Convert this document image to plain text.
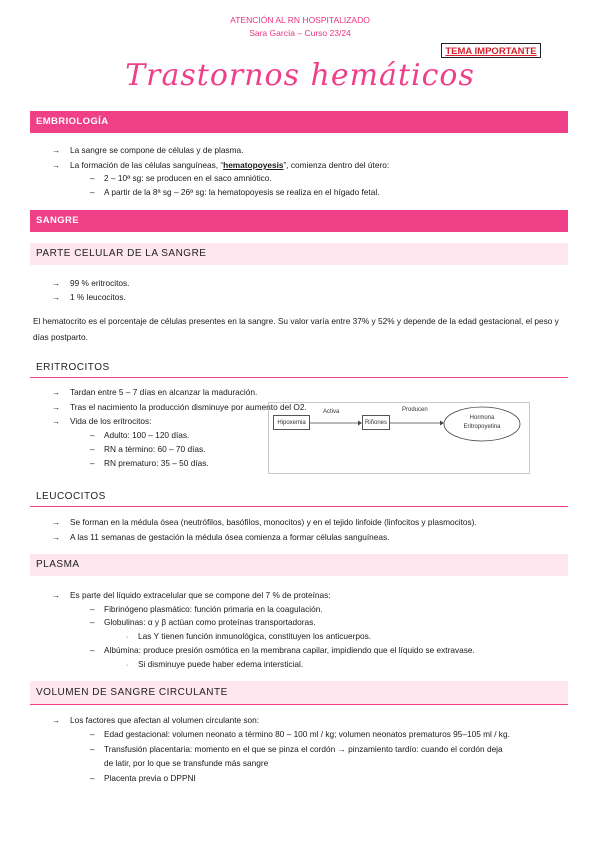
ATENCIÓN AL RN HOSPITALIZADO
Sara García – Curso 23/24
TEMA IMPORTANTE
Trastornos hemáticos
EMBRIOLOGÍA
→ La sangre se compone de células y de plasma.
→ La formación de las células sanguíneas, “hematopoyesis”, comienza dentro del útero:
– 2 – 10ª sg: se producen en el saco amniótico.
– A partir de la 8ª sg – 26ª sg: la hematopoyesis se realiza en el hígado fetal.
SANGRE
PARTE CELULAR DE LA SANGRE
→ 99 % eritrocitos.
→ 1 % leucocitos.
El hematocrito es el porcentaje de células presentes en la sangre. Su valor varía entre 37% y 52% y depende de la edad gestacional, el peso y días postparto.
ERITROCITOS
→ Tardan entre 5 – 7 días en alcanzar la maduración.
→ Tras el nacimiento la producción disminuye por aumento del O2.
→ Vida de los eritrocitos:
– Adulto: 100 – 120 días.
– RN a término: 60 – 70 días.
– RN prematuro: 35 – 50 días.
Hipoxemia
Activa
Riñones
Producen
Hormona
Eritropoyetina
LEUCOCITOS
→ Se forman en la médula ósea (neutrófilos, basófilos, monocitos) y en el tejido linfoide (linfocitos y plasmocitos).
→ A las 11 semanas de gestación la médula ósea comienza a formar células sanguíneas.
PLASMA
→ Es parte del líquido extracelular que se compone del 7 % de proteínas:
– Fibrinógeno plasmático: función primaria en la coagulación.
– Globulinas: α y β actúan como proteínas transportadoras.
· Las Y tienen función inmunológica, constituyen los anticuerpos.
– Albúmina: produce presión osmótica en la membrana capilar, impidiendo que el líquido se extravase.
· Si disminuye puede haber edema intersticial.
VOLUMEN DE SANGRE CIRCULANTE
→ Los factores que afectan al volumen circulante son:
– Edad gestacional: volumen neonato a término 80 – 100 ml / kg; volumen neonatos prematuros 95–105 ml / kg.
– Transfusión placentaria: momento en el que se pinza el cordón → pinzamiento tardío: cuando el cordón deja
de latir, por lo que se transfunde más sangre
– Placenta previa o DPPNI
